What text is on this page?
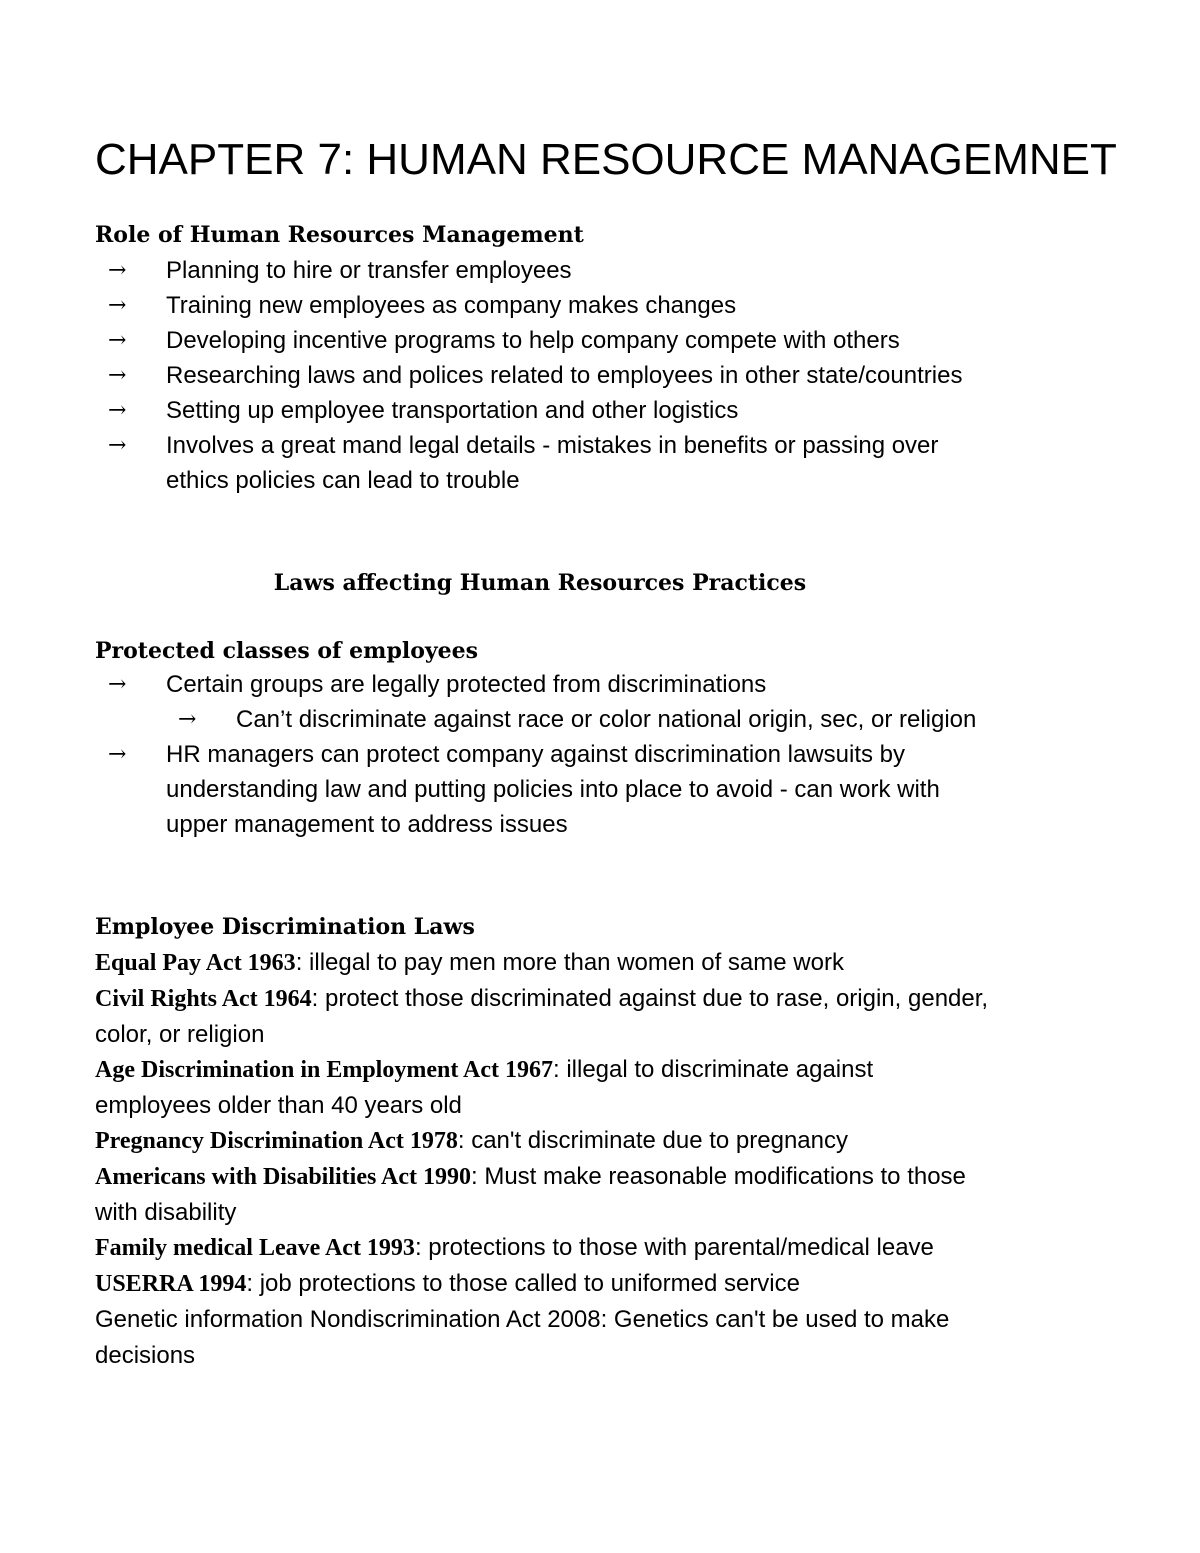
CHAPTER 7: HUMAN RESOURCE MANAGEMNET
Role of Human Resources Management
→ Planning to hire or transfer employees
→ Training new employees as company makes changes
→ Developing incentive programs to help company compete with others
→ Researching laws and polices related to employees in other state/countries
→ Setting up employee transportation and other logistics
→ Involves a great mand legal details - mistakes in benefits or passing over ethics policies can lead to trouble
Laws affecting Human Resources Practices
Protected classes of employees
→ Certain groups are legally protected from discriminations
→ Can’t discriminate against race or color national origin, sec, or religion
→ HR managers can protect company against discrimination lawsuits by understanding law and putting policies into place to avoid - can work with upper management to address issues
Employee Discrimination Laws
Equal Pay Act 1963: illegal to pay men more than women of same work
Civil Rights Act 1964: protect those discriminated against due to rase, origin, gender, color, or religion
Age Discrimination in Employment Act 1967: illegal to discriminate against employees older than 40 years old
Pregnancy Discrimination Act 1978: can't discriminate due to pregnancy
Americans with Disabilities Act 1990: Must make reasonable modifications to those with disability
Family medical Leave Act 1993: protections to those with parental/medical leave
USERRA 1994: job protections to those called to uniformed service
Genetic information Nondiscrimination Act 2008: Genetics can't be used to make decisions
